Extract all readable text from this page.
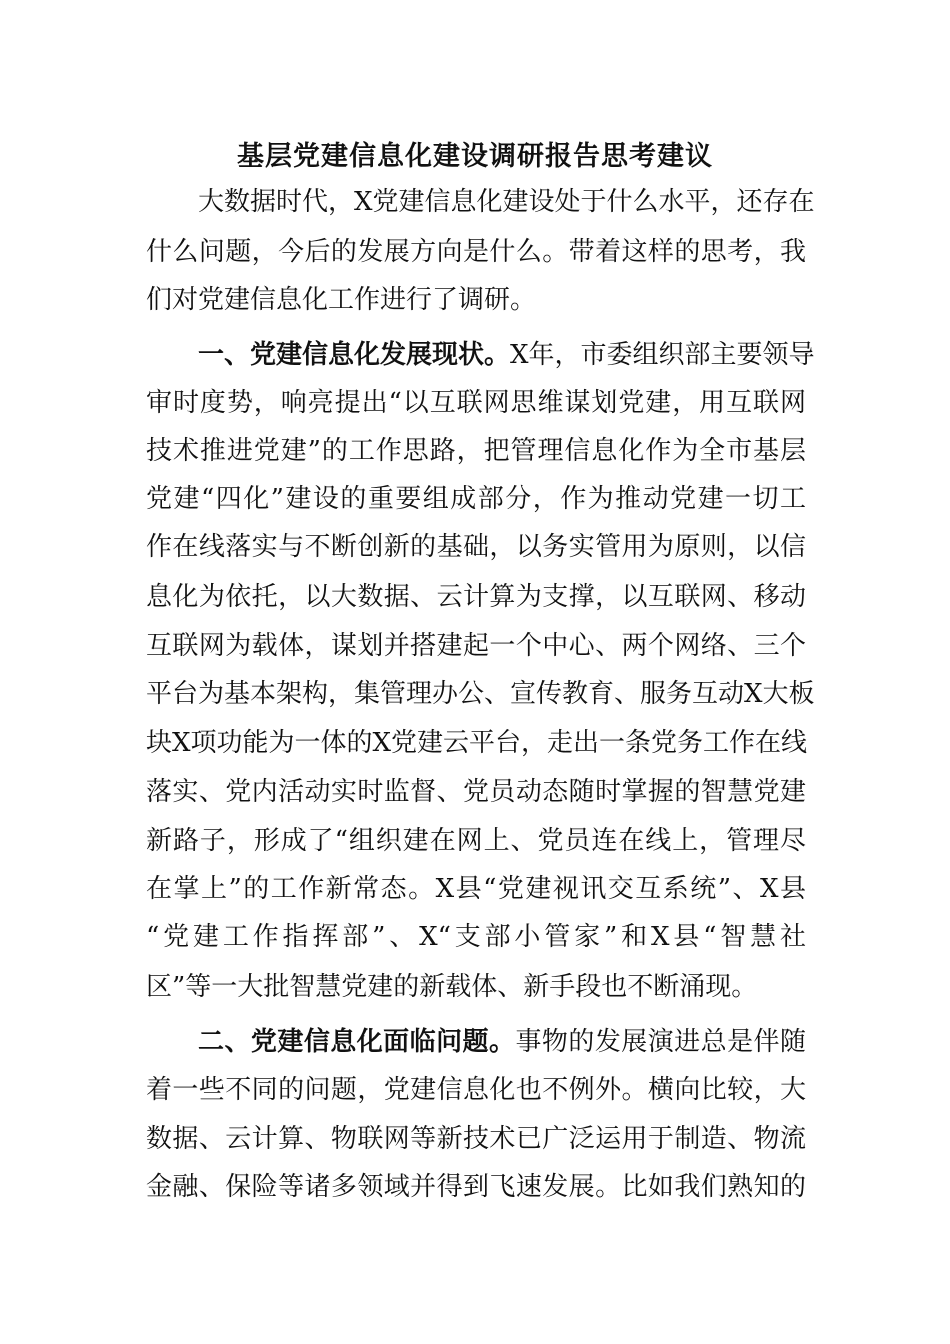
基层党建信息化建设调研报告思考建议
大数据时代，X党建信息化建设处于什么水平，还存在
什么问题，今后的发展方向是什么。带着这样的思考，我
们对党建信息化工作进行了调研。
一、党建信息化发展现状。X年，市委组织部主要领导
审时度势，响亮提出“以互联网思维谋划党建，用互联网
技术推进党建”的工作思路，把管理信息化作为全市基层
党建“四化”建设的重要组成部分，作为推动党建一切工
作在线落实与不断创新的基础，以务实管用为原则，以信
息化为依托，以大数据、云计算为支撑，以互联网、移动
互联网为载体，谋划并搭建起一个中心、两个网络、三个
平台为基本架构，集管理办公、宣传教育、服务互动X大板
块X项功能为一体的X党建云平台，走出一条党务工作在线
落实、党内活动实时监督、党员动态随时掌握的智慧党建
新路子，形成了“组织建在网上、党员连在线上，管理尽
在掌上”的工作新常态。X县“党建视讯交互系统”、X县
“党建工作指挥部”、X“支部小管家”和X县“智慧社
区”等一大批智慧党建的新载体、新手段也不断涌现。
二、党建信息化面临问题。事物的发展演进总是伴随
着一些不同的问题，党建信息化也不例外。横向比较，大
数据、云计算、物联网等新技术已广泛运用于制造、物流
金融、保险等诸多领域并得到飞速发展。比如我们熟知的
